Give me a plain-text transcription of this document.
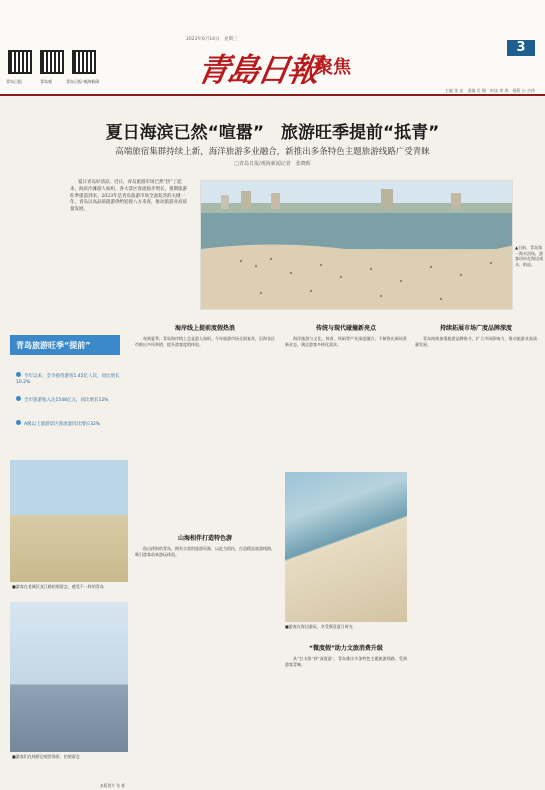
青岛日报	青岛观	青岛日报·观海新闻
2023年6月14日　星期三
青島日報
聚焦
3
主编 张 忠　责编 吴 翰　审读 李 鸿　排版 白 吉伟
夏日海滨已然“喧嚣”　旅游旺季提前“抵青”
高端旅宿集群持续上新，海洋旅游多业融合，新推出多条特色主题旅游线路广受青睐
□青岛日报/观海新闻记者　张晓晖
夏日青岛好清凉。近日，青岛旅游市场已然“热”了起来，海滨沙滩游人如织，各大景区客流稳步增长，暑期旅游旺季提前到来。2023年是青岛旅游市场全面复苏的关键一年，青岛以高品质旅游供给迎接八方来客，推动旅游业高质量发展。
▲日前，青岛第一海水浴场，游客纷纷在海边戏水、纳凉。
青岛旅游旺季“提前”
今年以来，全市接待游客1.45亿人次，同比增长10.2%
全市旅游收入达1548亿元，同比增长12%
A级以上旅游景区客流量同比增长32%
■游客在老城区龙江路拍照留念，感受不一样的青岛
■游客们在栈桥边观赏海景、拍照留念
本版图片 张 栋
海岸线上提前度假热浪

每到夏季，青岛海岸线上总是游人如织。今年旅游市场全面复苏，沿海各区市推出多项举措，提升游客度假体验。

山海相伴打造特色游

依山傍海的青岛，拥有丰富的旅游资源，以此为依托，打造精品旅游线路，吸引游客前来游玩体验。

传统与现代碰撞新亮点

海洋旅游与文化、体育、休闲等产业深度融合，不断推出新场景新业态，满足游客多样化需求。

■游客在海边游玩，享受惬意夏日时光
“微度假”助力文旅消费升级

从“打卡游”到“深度游”，青岛推出多条特色主题旅游线路，受到游客青睐。

持续拓展市场广度品牌深度

青岛持续加强旅游品牌推介，扩大市场影响力，推动旅游业高质量发展。
